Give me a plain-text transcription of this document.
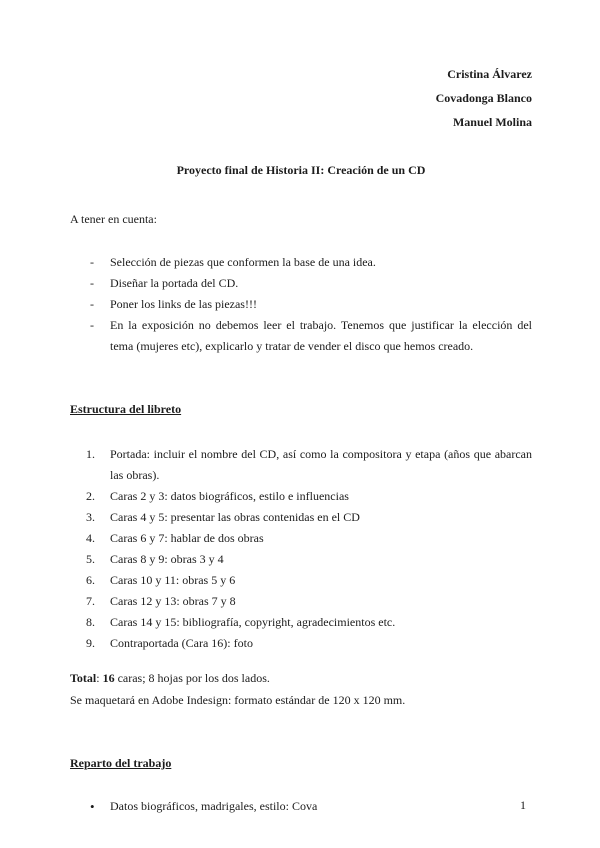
Cristina Álvarez
Covadonga Blanco
Manuel Molina
Proyecto final de Historia II: Creación de un CD

A tener en cuenta:

- Selección de piezas que conformen la base de una idea.
- Diseñar la portada del CD.
- Poner los links de las piezas!!!
- En la exposición no debemos leer el trabajo. Tenemos que justificar la elección del tema (mujeres etc), explicarlo y tratar de vender el disco que hemos creado.
Estructura del libreto
Portada: incluir el nombre del CD, así como la compositora y etapa (años que abarcan las obras).
Caras 2 y 3: datos biográficos, estilo e influencias
Caras 4 y 5: presentar las obras contenidas en el CD
Caras 6 y 7: hablar de dos obras
Caras 8 y 9: obras 3 y 4
Caras 10 y 11: obras 5 y 6
Caras 12 y 13: obras 7 y 8
Caras 14 y 15: bibliografía, copyright, agradecimientos etc.
Contraportada (Cara 16): foto

Total: 16 caras; 8 hojas por los dos lados.

Se maquetará en Adobe Indesign: formato estándar de 120 x 120 mm.

Reparto del trabajo
• Datos biográficos, madrigales, estilo: Cova	1
